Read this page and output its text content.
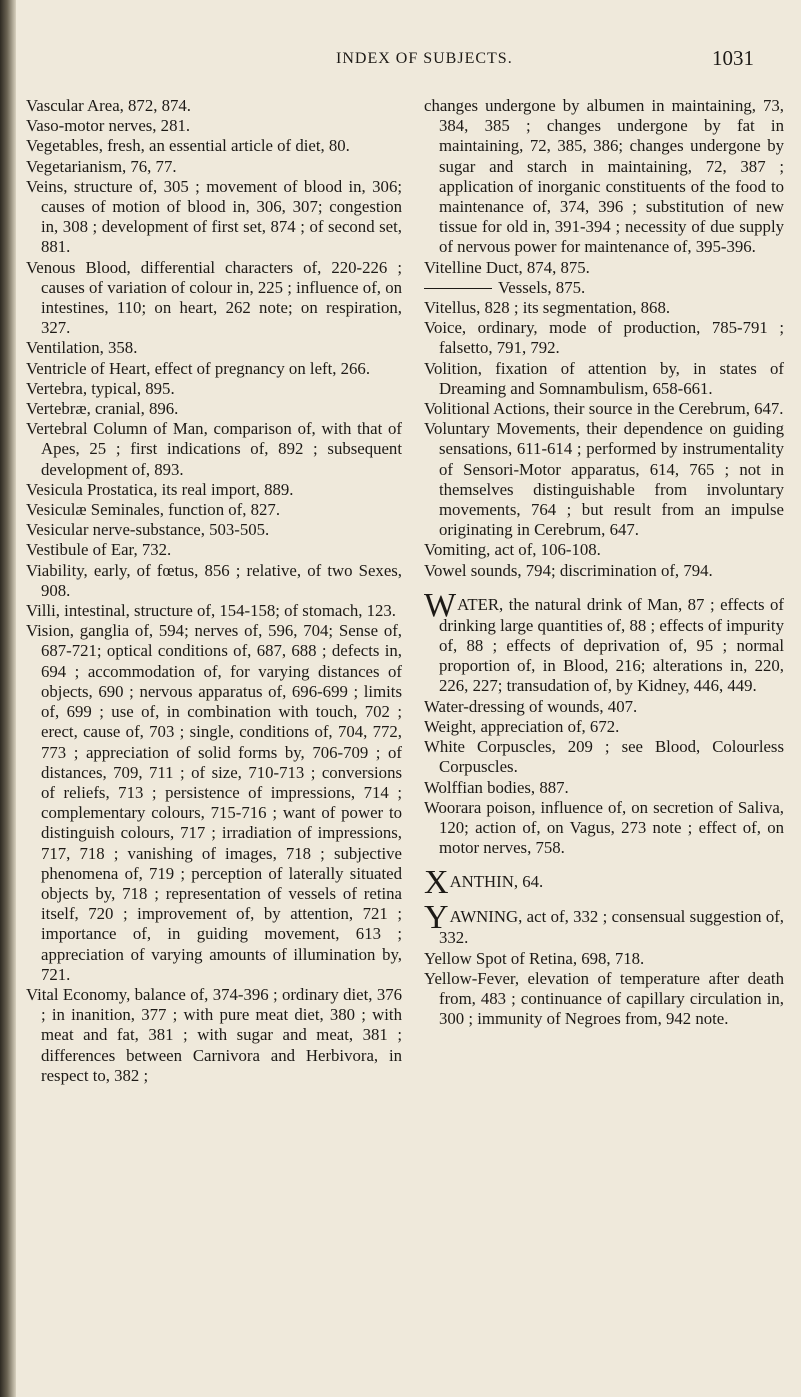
INDEX OF SUBJECTS.	1031

Vascular Area, 872, 874.

Vaso-motor nerves, 281.

Vegetables, fresh, an essential article of diet, 80.

Vegetarianism, 76, 77.

Veins, structure of, 305 ; movement of blood in, 306; causes of motion of blood in, 306, 307; congestion in, 308 ; development of first set, 874 ; of second set, 881.

Venous Blood, differential characters of, 220-226 ; causes of variation of colour in, 225 ; influence of, on intestines, 110; on heart, 262 note; on respiration, 327.

Ventilation, 358.

Ventricle of Heart, effect of pregnancy on left, 266.

Vertebra, typical, 895.

Vertebræ, cranial, 896.

Vertebral Column of Man, comparison of, with that of Apes, 25 ; first indications of, 892 ; subsequent development of, 893.

Vesicula Prostatica, its real import, 889.

Vesiculæ Seminales, function of, 827.

Vesicular nerve-substance, 503-505.

Vestibule of Ear, 732.

Viability, early, of fœtus, 856 ; relative, of two Sexes, 908.

Villi, intestinal, structure of, 154-158; of stomach, 123.

Vision, ganglia of, 594; nerves of, 596, 704; Sense of, 687-721; optical conditions of, 687, 688 ; defects in, 694 ; accommodation of, for varying distances of objects, 690 ; nervous apparatus of, 696-699 ; limits of, 699 ; use of, in combination with touch, 702 ; erect, cause of, 703 ; single, conditions of, 704, 772, 773 ; appreciation of solid forms by, 706-709 ; of distances, 709, 711 ; of size, 710-713 ; conversions of reliefs, 713 ; persistence of impressions, 714 ; complementary colours, 715-716 ; want of power to distinguish colours, 717 ; irradiation of impressions, 717, 718 ; vanishing of images, 718 ; subjective phenomena of, 719 ; perception of laterally situated objects by, 718 ; representation of vessels of retina itself, 720 ; improvement of, by attention, 721 ; importance of, in guiding movement, 613 ; appreciation of varying amounts of illumination by, 721.

Vital Economy, balance of, 374-396 ; ordinary diet, 376 ; in inanition, 377 ; with pure meat diet, 380 ; with meat and fat, 381 ; with sugar and meat, 381 ; differences between Carnivora and Herbivora, in respect to, 382 ;

changes undergone by albumen in maintaining, 73, 384, 385 ; changes undergone by fat in maintaining, 72, 385, 386; changes undergone by sugar and starch in maintaining, 72, 387 ; application of inorganic constituents of the food to maintenance of, 374, 396 ; substitution of new tissue for old in, 391-394 ; necessity of due supply of nervous power for maintenance of, 395-396.

Vitelline Duct, 874, 875.

Vessels, 875.

Vitellus, 828 ; its segmentation, 868.

Voice, ordinary, mode of production, 785-791 ; falsetto, 791, 792.

Volition, fixation of attention by, in states of Dreaming and Somnambulism, 658-661.

Volitional Actions, their source in the Cerebrum, 647.

Voluntary Movements, their dependence on guiding sensations, 611-614 ; performed by instrumentality of Sensori-Motor apparatus, 614, 765 ; not in themselves distinguishable from involuntary movements, 764 ; but result from an impulse originating in Cerebrum, 647.

Vomiting, act of, 106-108.

Vowel sounds, 794; discrimination of, 794.

WATER, the natural drink of Man, 87 ; effects of drinking large quantities of, 88 ; effects of impurity of, 88 ; effects of deprivation of, 95 ; normal proportion of, in Blood, 216; alterations in, 220, 226, 227; transudation of, by Kidney, 446, 449.

Water-dressing of wounds, 407.

Weight, appreciation of, 672.

White Corpuscles, 209 ; see Blood, Colourless Corpuscles.

Wolffian bodies, 887.

Woorara poison, influence of, on secretion of Saliva, 120; action of, on Vagus, 273 note ; effect of, on motor nerves, 758.

XANTHIN, 64.

YAWNING, act of, 332 ; consensual suggestion of, 332.

Yellow Spot of Retina, 698, 718.

Yellow-Fever, elevation of temperature after death from, 483 ; continuance of capillary circulation in, 300 ; immunity of Negroes from, 942 note.
